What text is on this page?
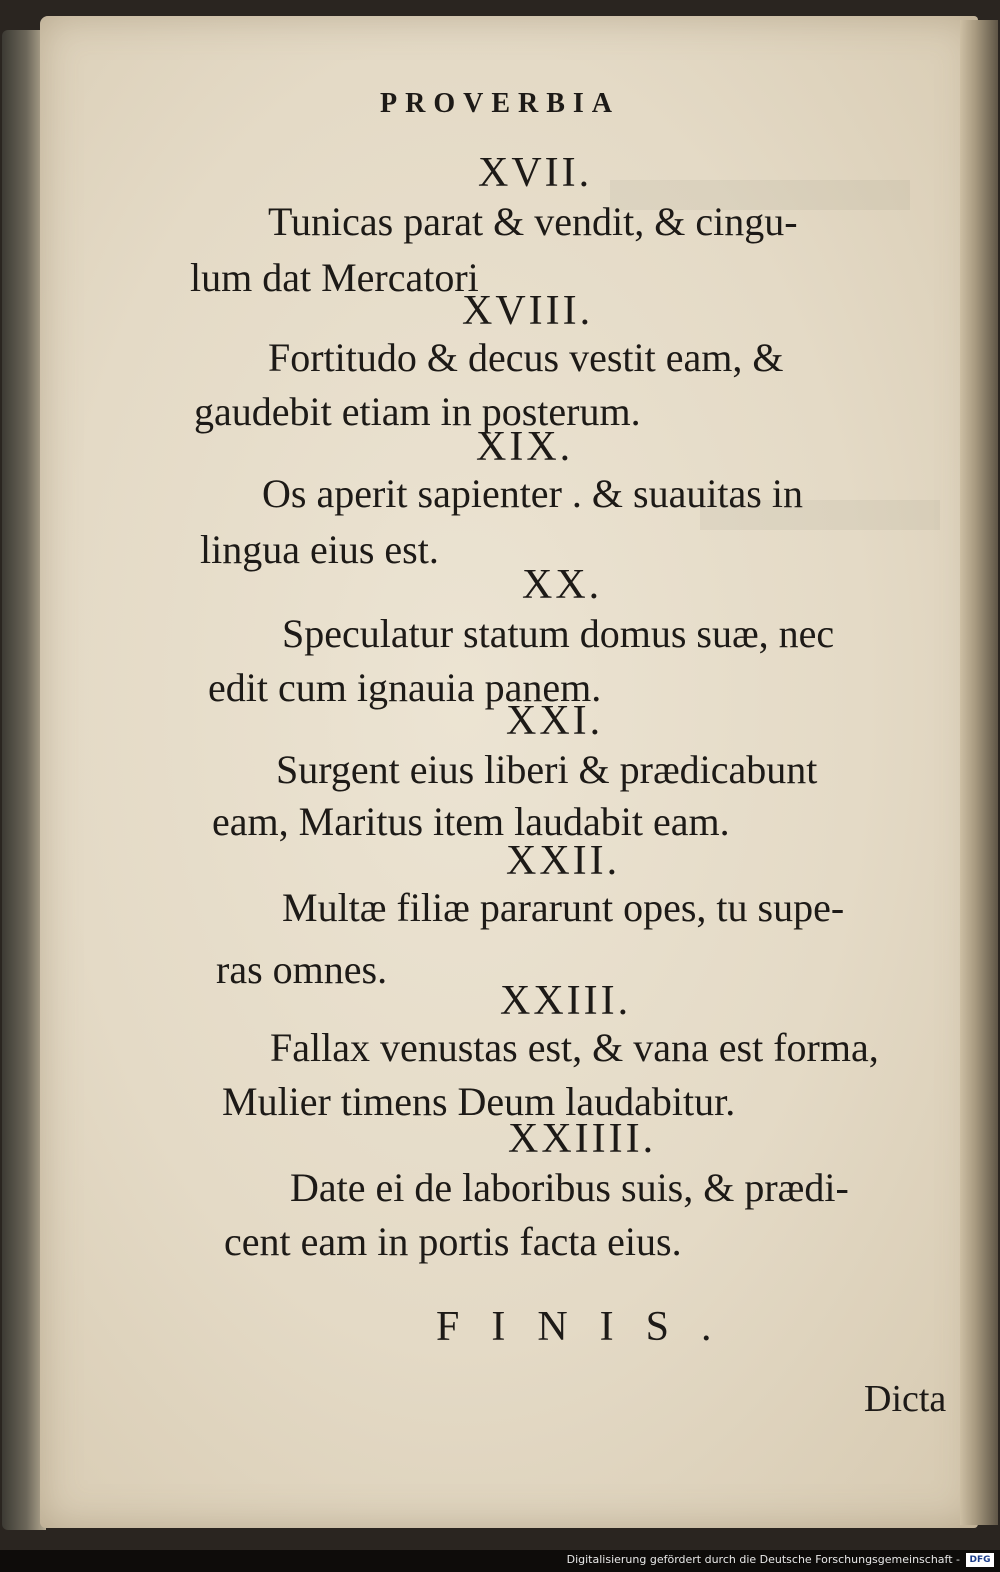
PROVERBIA
XVII.
Tunicas parat & vendit, & cingu-
lum dat Mercatori
XVIII.
Fortitudo & decus vestit eam, &
gaudebit etiam in posterum.
XIX.
Os aperit sapienter . & suauitas in
lingua eius est.
XX.
Speculatur statum domus suæ, nec
edit cum ignauia panem.
XXI.
Surgent eius liberi & prædicabunt
eam, Maritus item laudabit eam.
XXII.
Multæ filiæ pararunt opes, tu supe-
ras omnes.
XXIII.
Fallax venustas est, & vana est forma,
Mulier timens Deum laudabitur.
XXIIII.
Date ei de laboribus suis, & prædi-
cent eam in portis facta eius.
FINIS.
Dicta
Digitalisierung gefördert durch die Deutsche Forschungsgemeinschaft -	DFG
